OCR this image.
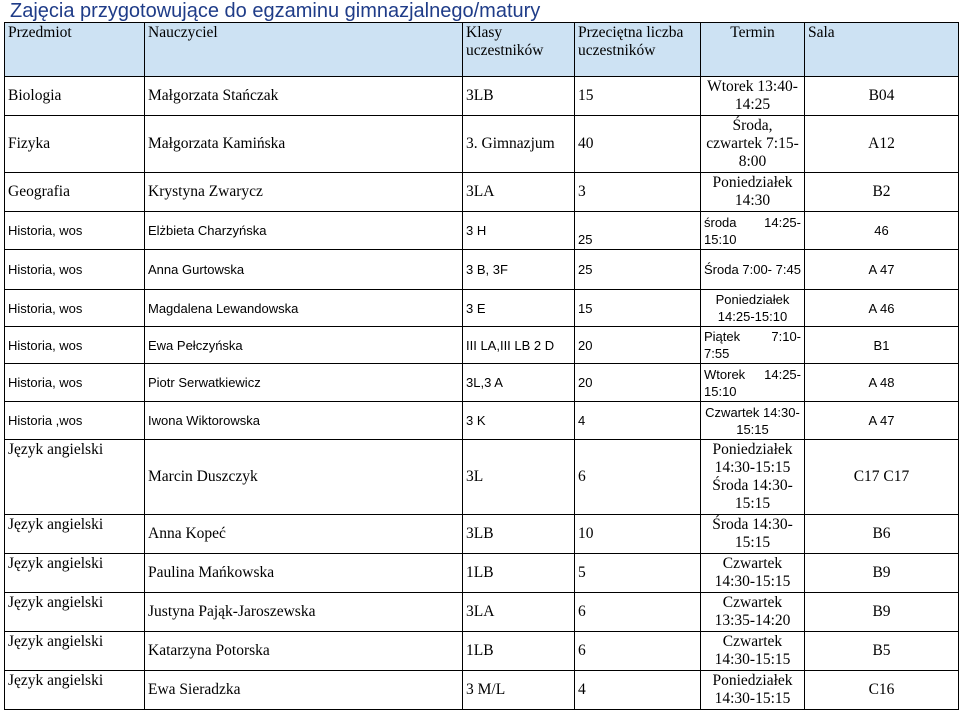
Zajęcia przygotowujące do egzaminu gimnazjalnego/matury
Przedmiot	Nauczyciel	Klasy uczestników	Przeciętna liczba uczestników	Termin	Sala
Biologia	Małgorzata Stańczak	3LB	15	Wtorek 13:40-14:25	B04
Fizyka	Małgorzata Kamińska	3. Gimnazjum	40	Środa, czwartek 7:15-8:00	A12
Geografia	Krystyna Zwarycz	3LA	3	Poniedziałek 14:30	B2
Historia, wos	Elżbieta Charzyńska	3 H	25	środa 14:25- 15:10	46
Historia, wos	Anna Gurtowska	3 B, 3F	25	Środa 7:00- 7:45	A 47
Historia, wos	Magdalena Lewandowska	3 E	15	Poniedziałek 14:25-15:10	A 46
Historia, wos	Ewa Pełczyńska	III LA,III LB 2 D	20	Piątek 7:10- 7:55	B1
Historia, wos	Piotr Serwatkiewicz	3L,3 A	20	Wtorek 14:25- 15:10	A 48
Historia ,wos	Iwona Wiktorowska	3 K	4	Czwartek 14:30-15:15	A 47
Język angielski	Marcin Duszczyk	3L	6	Poniedziałek 14:30-15:15 Środa 14:30- 15:15	C17 C17
Język angielski	Anna Kopeć	3LB	10	Środa 14:30- 15:15	B6
Język angielski	Paulina Mańkowska	1LB	5	Czwartek 14:30-15:15	B9
Język angielski	Justyna Pająk-Jaroszewska	3LA	6	Czwartek 13:35-14:20	B9
Język angielski	Katarzyna Potorska	1LB	6	Czwartek 14:30-15:15	B5
Język angielski	Ewa Sieradzka	3 M/L	4	Poniedziałek 14:30-15:15	C16
